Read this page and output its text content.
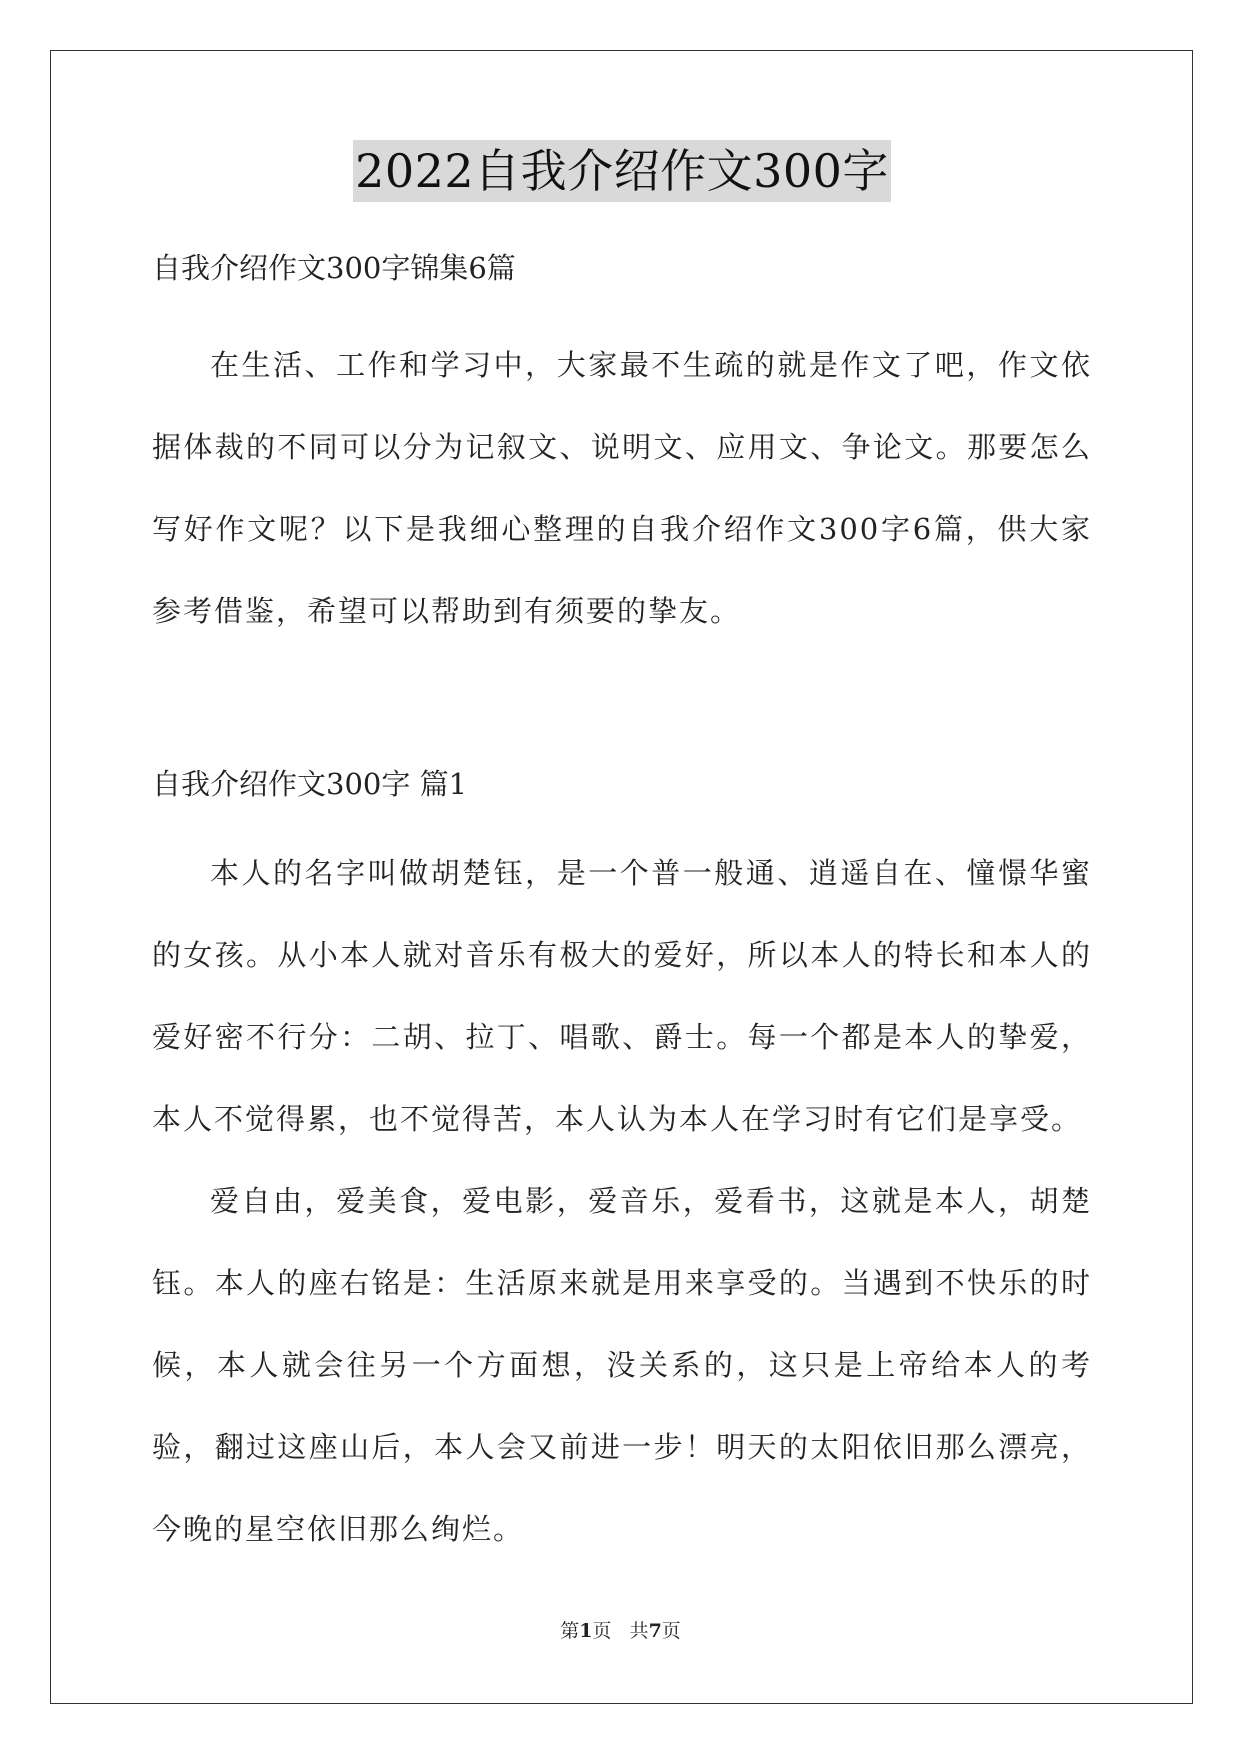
2022自我介绍作文300字

自我介绍作文300字锦集6篇

在生活、工作和学习中，大家最不生疏的就是作文了吧，作文依据体裁的不同可以分为记叙文、说明文、应用文、争论文。那要怎么写好作文呢？以下是我细心整理的自我介绍作文300字6篇，供大家参考借鉴，希望可以帮助到有须要的挚友。

自我介绍作文300字 篇1

本人的名字叫做胡楚钰，是一个普一般通、逍遥自在、憧憬华蜜的女孩。从小本人就对音乐有极大的爱好，所以本人的特长和本人的爱好密不行分：二胡、拉丁、唱歌、爵士。每一个都是本人的挚爱，本人不觉得累，也不觉得苦，本人认为本人在学习时有它们是享受。

爱自由，爱美食，爱电影，爱音乐，爱看书，这就是本人，胡楚钰。本人的座右铭是：生活原来就是用来享受的。当遇到不快乐的时候，本人就会往另一个方面想，没关系的，这只是上帝给本人的考验，翻过这座山后，本人会又前进一步！明天的太阳依旧那么漂亮，今晚的星空依旧那么绚烂。

第1页   共7页
